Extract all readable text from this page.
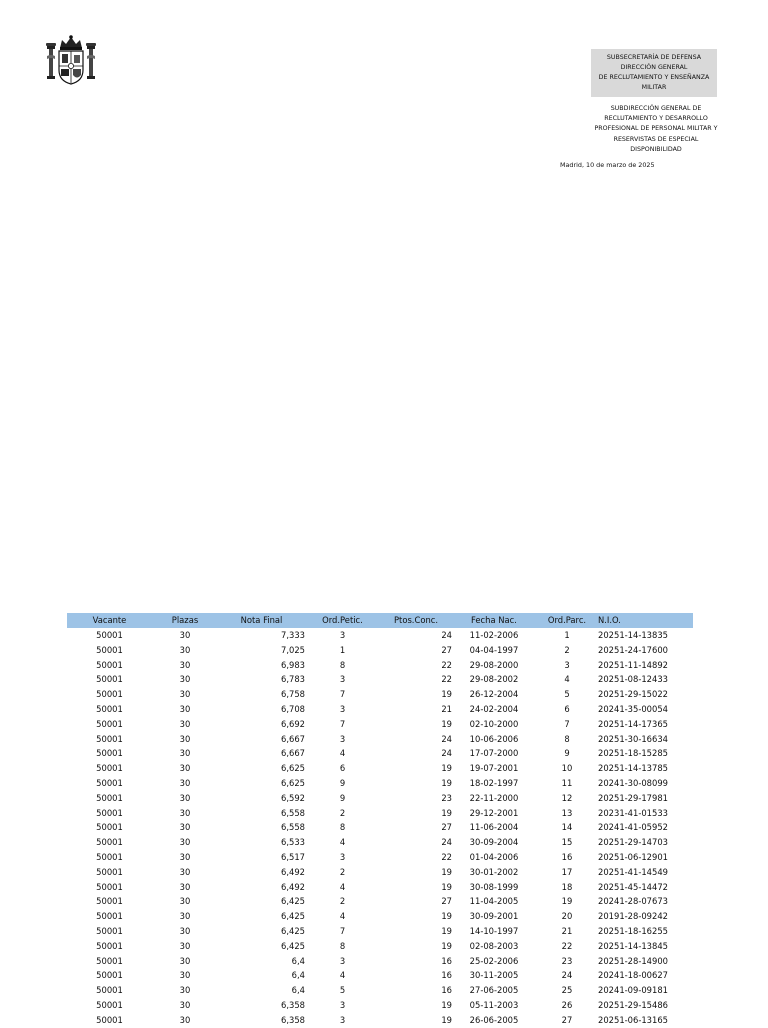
SUBSECRETARÍA DE DEFENSA
DIRECCIÓN GENERAL
DE RECLUTAMIENTO Y ENSEÑANZA
MILITAR
SUBDIRECCIÓN GENERAL DE
RECLUTAMIENTO Y DESARROLLO
PROFESIONAL DE PERSONAL MILITAR Y
RESERVISTAS DE ESPECIAL
DISPONIBILIDAD
Madrid, 10 de marzo de 2025
Vacante	Plazas	Nota Final	Ord.Petic.	Ptos.Conc.	Fecha Nac.	Ord.Parc.	N.I.O.
50001	30	7,333	3	24	11-02-2006	1	20251-14-13835
50001	30	7,025	1	27	04-04-1997	2	20251-24-17600
50001	30	6,983	8	22	29-08-2000	3	20251-11-14892
50001	30	6,783	3	22	29-08-2002	4	20251-08-12433
50001	30	6,758	7	19	26-12-2004	5	20251-29-15022
50001	30	6,708	3	21	24-02-2004	6	20241-35-00054
50001	30	6,692	7	19	02-10-2000	7	20251-14-17365
50001	30	6,667	3	24	10-06-2006	8	20251-30-16634
50001	30	6,667	4	24	17-07-2000	9	20251-18-15285
50001	30	6,625	6	19	19-07-2001	10	20251-14-13785
50001	30	6,625	9	19	18-02-1997	11	20241-30-08099
50001	30	6,592	9	23	22-11-2000	12	20251-29-17981
50001	30	6,558	2	19	29-12-2001	13	20231-41-01533
50001	30	6,558	8	27	11-06-2004	14	20241-41-05952
50001	30	6,533	4	24	30-09-2004	15	20251-29-14703
50001	30	6,517	3	22	01-04-2006	16	20251-06-12901
50001	30	6,492	2	19	30-01-2002	17	20251-41-14549
50001	30	6,492	4	19	30-08-1999	18	20251-45-14472
50001	30	6,425	2	27	11-04-2005	19	20241-28-07673
50001	30	6,425	4	19	30-09-2001	20	20191-28-09242
50001	30	6,425	7	19	14-10-1997	21	20251-18-16255
50001	30	6,425	8	19	02-08-2003	22	20251-14-13845
50001	30	6,4	3	16	25-02-2006	23	20251-28-14900
50001	30	6,4	4	16	30-11-2005	24	20241-18-00627
50001	30	6,4	5	16	27-06-2005	25	20241-09-09181
50001	30	6,358	3	19	05-11-2003	26	20251-29-15486
50001	30	6,358	3	19	26-06-2005	27	20251-06-13165
